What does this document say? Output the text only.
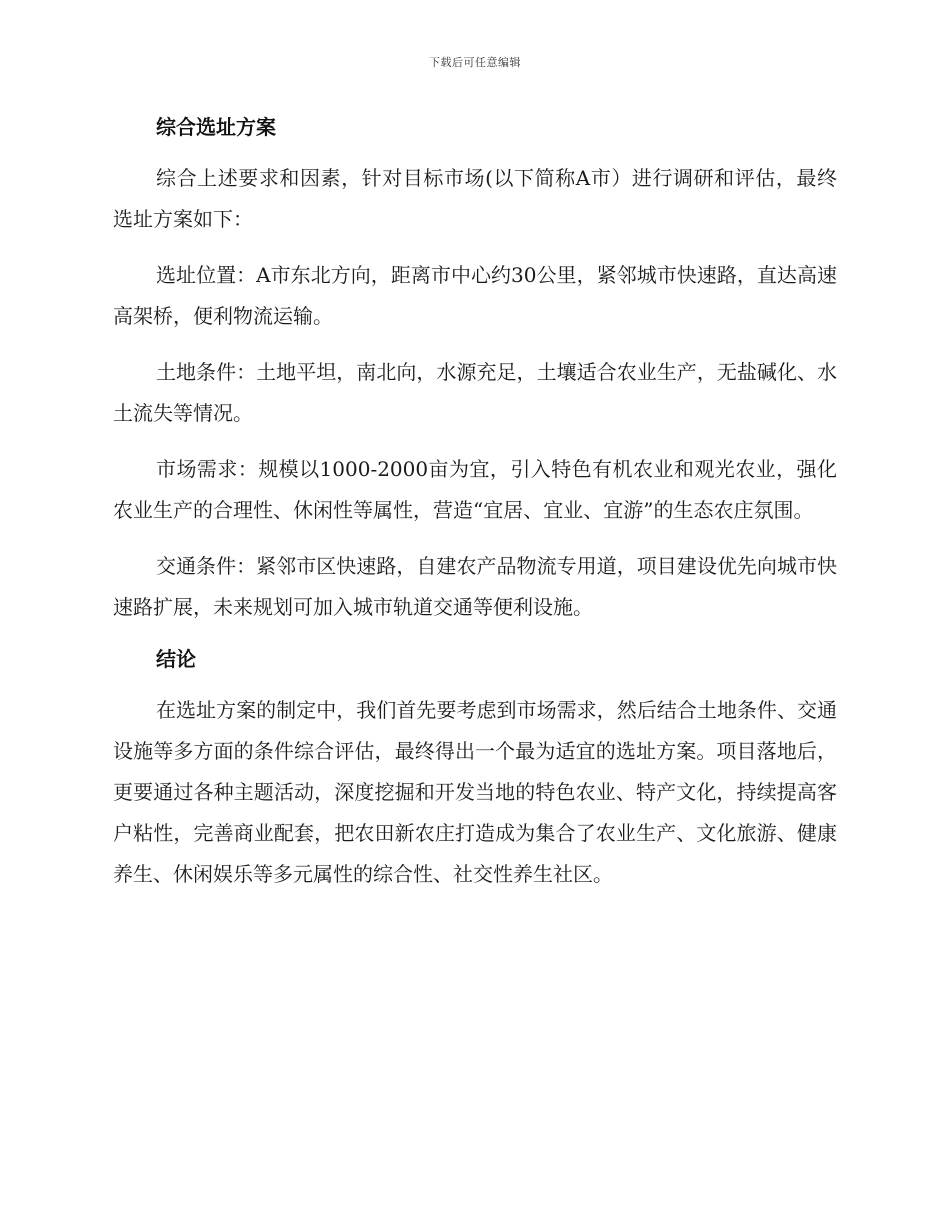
下载后可任意编辑
综合选址方案

综合上述要求和因素，针对目标市场(以下简称A市）进行调研和评估，最终选址方案如下：

选址位置：A市东北方向，距离市中心约30公里，紧邻城市快速路，直达高速高架桥，便利物流运输。

土地条件：土地平坦，南北向，水源充足，土壤适合农业生产，无盐碱化、水土流失等情况。

市场需求：规模以1000-2000亩为宜，引入特色有机农业和观光农业，强化农业生产的合理性、休闲性等属性，营造“宜居、宜业、宜游”的生态农庄氛围。

交通条件：紧邻市区快速路，自建农产品物流专用道，项目建设优先向城市快速路扩展，未来规划可加入城市轨道交通等便利设施。

结论

在选址方案的制定中，我们首先要考虑到市场需求，然后结合土地条件、交通设施等多方面的条件综合评估，最终得出一个最为适宜的选址方案。项目落地后，更要通过各种主题活动，深度挖掘和开发当地的特色农业、特产文化，持续提高客户粘性，完善商业配套，把农田新农庄打造成为集合了农业生产、文化旅游、健康养生、休闲娱乐等多元属性的综合性、社交性养生社区。
